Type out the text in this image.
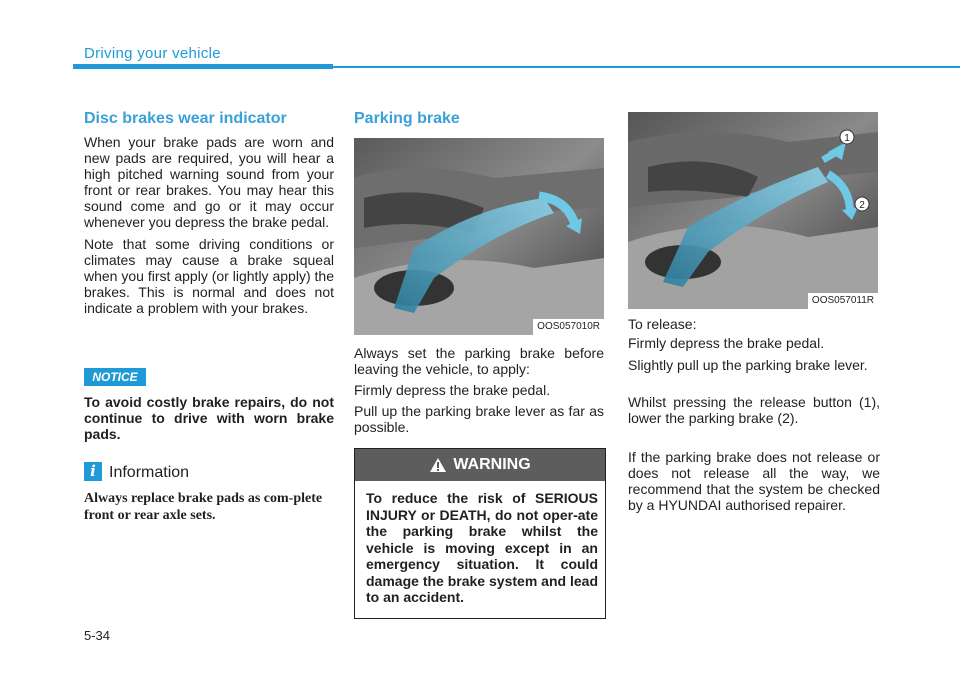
Driving your vehicle
Disc brakes wear indicator
When your brake pads are worn and new pads are required, you will hear a high pitched warning sound from your front or rear brakes. You may hear this sound come and go or it may occur whenever you depress the brake pedal.
Note that some driving conditions or climates may cause a brake squeal when you first apply (or lightly apply) the brakes. This is normal and does not indicate a problem with your brakes.
NOTICE
To avoid costly brake repairs, do not continue to drive with worn brake pads.
i Information
Always replace brake pads as com-plete front or rear axle sets.
Parking brake
OOS057010R
Always set the parking brake before leaving the vehicle, to apply:
Firmly depress the brake pedal.
Pull up the parking brake lever as far as possible.
WARNING
To reduce the risk of SERIOUS INJURY or DEATH, do not oper-ate the parking brake whilst the vehicle is moving except in an emergency situation. It could damage the brake system and lead to an accident.
1
2
OOS057011R
To release:
Firmly depress the brake pedal.
Slightly pull up the parking brake lever.
Whilst pressing the release button (1), lower the parking brake (2).
If the parking brake does not release or does not release all the way, we recommend that the system be checked by a HYUNDAI authorised repairer.
5-34
